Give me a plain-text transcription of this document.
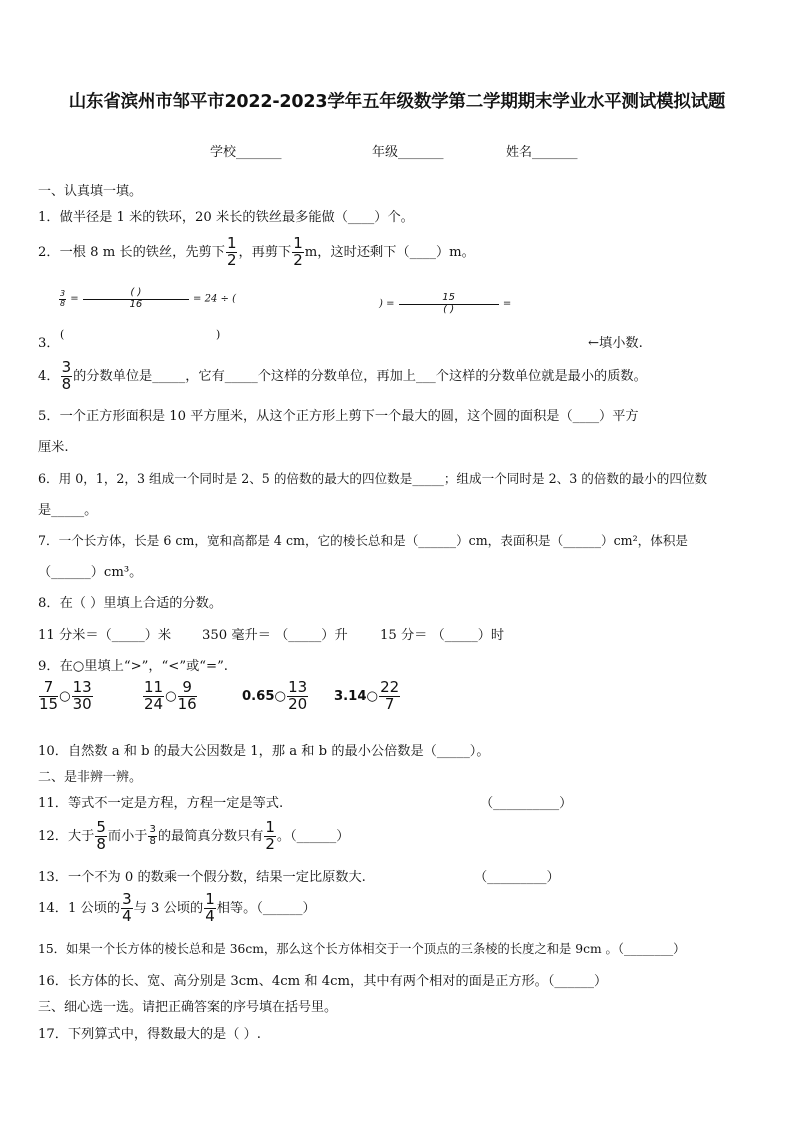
山东省滨州市邹平市2022-2023学年五年级数学第二学期期末学业水平测试模拟试题
学校_______	年级_______	姓名_______
一、认真填一填。
1．做半径是 1 米的铁环，20 米长的铁丝最多能做（____）个。
2．一根 8 m 长的铁丝，先剪下 $\frac{1}{2}$ ，再剪下 $\frac{1}{2}$ m，这时还剩下（____）m。
$\frac{3}{8} = \frac{( )}{16} = 24$ ÷ (	) = $\frac{15}{( )}$ =
3．
(	)
←填小数.
4． $\frac{3}{8}$ 的分数单位是_____，它有_____个这样的分数单位，再加上___个这样的分数单位就是最小的质数。
5．一个正方形面积是 10 平方厘米，从这个正方形上剪下一个最大的圆，这个圆的面积是（____）平方
厘米.
6．用 0，1，2，3 组成一个同时是 2、5 的倍数的最大的四位数是_____；组成一个同时是 2、3 的倍数的最小的四位数
是_____。
7．一个长方体，长是 6 cm，宽和高都是 4 cm，它的棱长总和是（______）cm，表面积是（______）cm²，体积是
（______）cm³。
8．在（ ）里填上合适的分数。
11 分米＝（_____）米 350 毫升＝ （_____）升 15 分＝ （_____）时
9．在○里填上“>”，“<”或“=”.
$\frac{7}{15}$ ○ $\frac{13}{30}$	$\frac{11}{24}$ ○ $\frac{9}{16}$	0.65○ $\frac{13}{20}$ 3.14○ $\frac{22}{7}$
10．自然数 a 和 b 的最大公因数是 1，那 a 和 b 的最小公倍数是（_____）。
二、是非辨一辨。
11．等式不一定是方程，方程一定是等式.	（__________）
12．大于 $\frac{5}{8}$ 而小于 $\frac{3}{8}$ 的最简真分数只有 $\frac{1}{2}$ 。（______）
13．一个不为 0 的数乘一个假分数，结果一定比原数大.	（_________）
14．1 公顷的 $\frac{3}{4}$ 与 3 公顷的 $\frac{1}{4}$ 相等。（______）
15．如果一个长方体的棱长总和是 36cm，那么这个长方体相交于一个顶点的三条棱的长度之和是 9cm 。（________）
16．长方体的长、宽、高分别是 3cm、4cm 和 4cm，其中有两个相对的面是正方形。（______）
三、细心选一选。请把正确答案的序号填在括号里。
17．下列算式中，得数最大的是（ ）.
